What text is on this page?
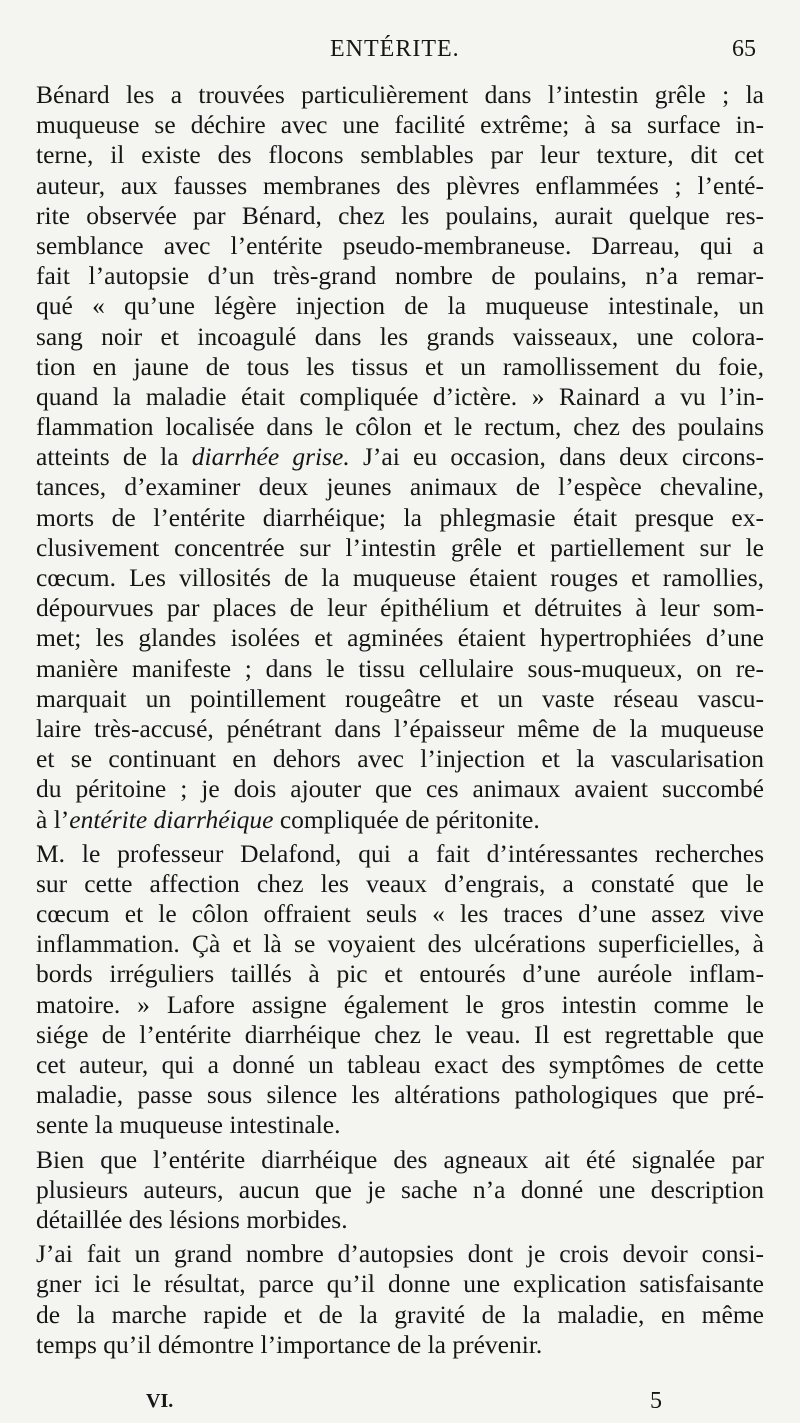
ENTÉRITE.	65
Bénard les a trouvées particulièrement dans l’intestin grêle ; la
muqueuse se déchire avec une facilité extrême; à sa surface in-
terne, il existe des flocons semblables par leur texture, dit cet
auteur, aux fausses membranes des plèvres enflammées ; l’enté-
rite observée par Bénard, chez les poulains, aurait quelque res-
semblance avec l’entérite pseudo-membraneuse. Darreau, qui a
fait l’autopsie d’un très-grand nombre de poulains, n’a remar-
qué « qu’une légère injection de la muqueuse intestinale, un
sang noir et incoagulé dans les grands vaisseaux, une colora-
tion en jaune de tous les tissus et un ramollissement du foie,
quand la maladie était compliquée d’ictère. » Rainard a vu l’in-
flammation localisée dans le côlon et le rectum, chez des poulains
atteints de la diarrhée grise. J’ai eu occasion, dans deux circons-
tances, d’examiner deux jeunes animaux de l’espèce chevaline,
morts de l’entérite diarrhéique; la phlegmasie était presque ex-
clusivement concentrée sur l’intestin grêle et partiellement sur le
cœcum. Les villosités de la muqueuse étaient rouges et ramollies,
dépourvues par places de leur épithélium et détruites à leur som-
met; les glandes isolées et agminées étaient hypertrophiées d’une
manière manifeste ; dans le tissu cellulaire sous-muqueux, on re-
marquait un pointillement rougeâtre et un vaste réseau vascu-
laire très-accusé, pénétrant dans l’épaisseur même de la muqueuse
et se continuant en dehors avec l’injection et la vascularisation
du péritoine ; je dois ajouter que ces animaux avaient succombé
à l’entérite diarrhéique compliquée de péritonite.
M. le professeur Delafond, qui a fait d’intéressantes recherches
sur cette affection chez les veaux d’engrais, a constaté que le
cœcum et le côlon offraient seuls « les traces d’une assez vive
inflammation. Çà et là se voyaient des ulcérations superficielles, à
bords irréguliers taillés à pic et entourés d’une auréole inflam-
matoire. » Lafore assigne également le gros intestin comme le
siége de l’entérite diarrhéique chez le veau. Il est regrettable que
cet auteur, qui a donné un tableau exact des symptômes de cette
maladie, passe sous silence les altérations pathologiques que pré-
sente la muqueuse intestinale.
Bien que l’entérite diarrhéique des agneaux ait été signalée par
plusieurs auteurs, aucun que je sache n’a donné une description
détaillée des lésions morbides.
J’ai fait un grand nombre d’autopsies dont je crois devoir consi-
gner ici le résultat, parce qu’il donne une explication satisfaisante
de la marche rapide et de la gravité de la maladie, en même
temps qu’il démontre l’importance de la prévenir.
VI.	5
